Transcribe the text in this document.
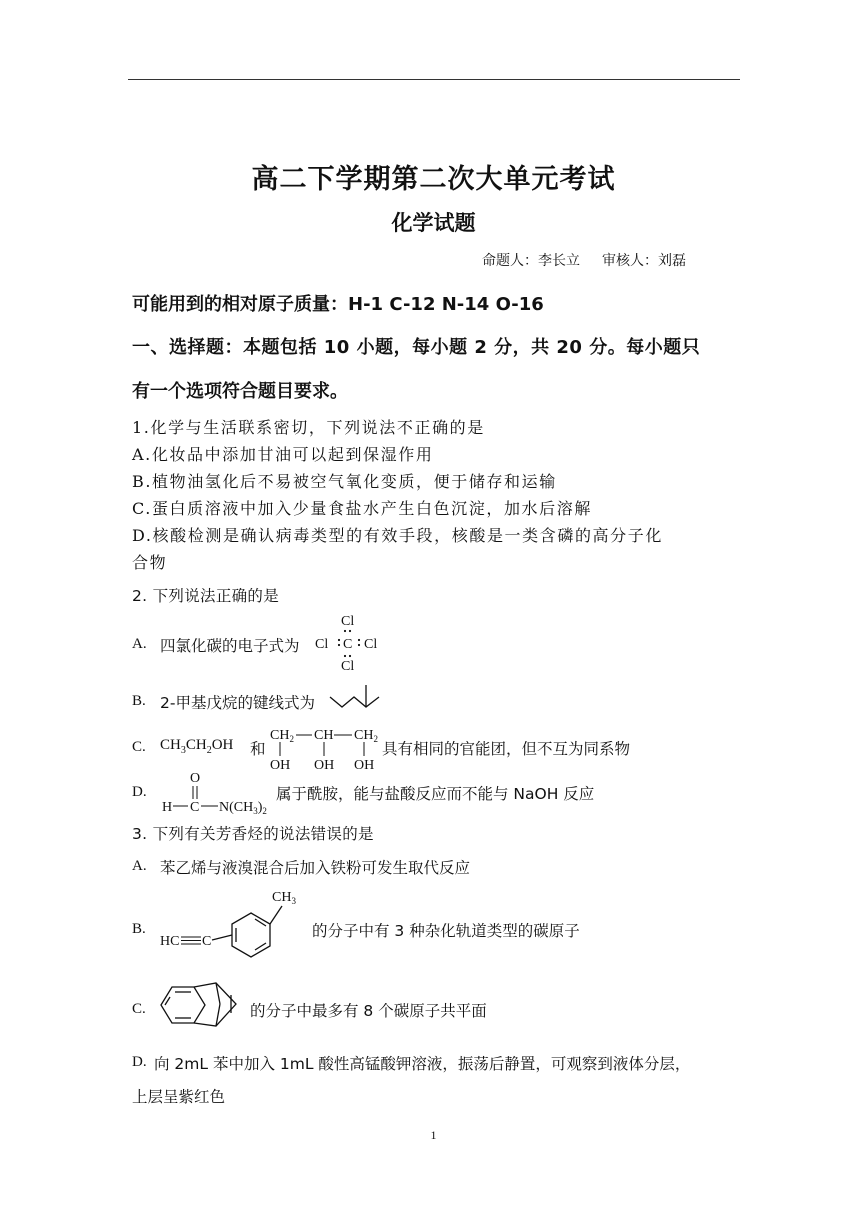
高二下学期第二次大单元考试
化学试题
命题人：李长立 审核人：刘磊
可能用到的相对原子质量：H-1 C-12 N-14 O-16
一、选择题：本题包括 10 小题，每小题 2 分，共 20 分。每小题只
有一个选项符合题目要求。
1.化学与生活联系密切，下列说法不正确的是
A.化妆品中添加甘油可以起到保湿作用
B.植物油氢化后不易被空气氧化变质，便于储存和运输
C.蛋白质溶液中加入少量食盐水产生白色沉淀，加水后溶解
D.核酸检测是确认病毒类型的有效手段，核酸是一类含磷的高分子化
合物
2. 下列说法正确的是
A. 四氯化碳的电子式为
Cl
Cl C Cl
Cl
B. 2-甲基戊烷的键线式为
C. $CH_3CH_2OH$ 和
$CH_2$ CH $CH_2$
OH OH OH
具有相同的官能团，但不互为同系物
D.
O
H C $N(CH_3)_2$
属于酰胺，能与盐酸反应而不能与 NaOH 反应
3. 下列有关芳香烃的说法错误的是
A. 苯乙烯与液溴混合后加入铁粉可发生取代反应
B.
$CH_3$
HC C
的分子中有 3 种杂化轨道类型的碳原子
C.	的分子中最多有 8 个碳原子共平面
D. 向 2mL 苯中加入 1mL 酸性高锰酸钾溶液，振荡后静置，可观察到液体分层，
上层呈紫红色
1
